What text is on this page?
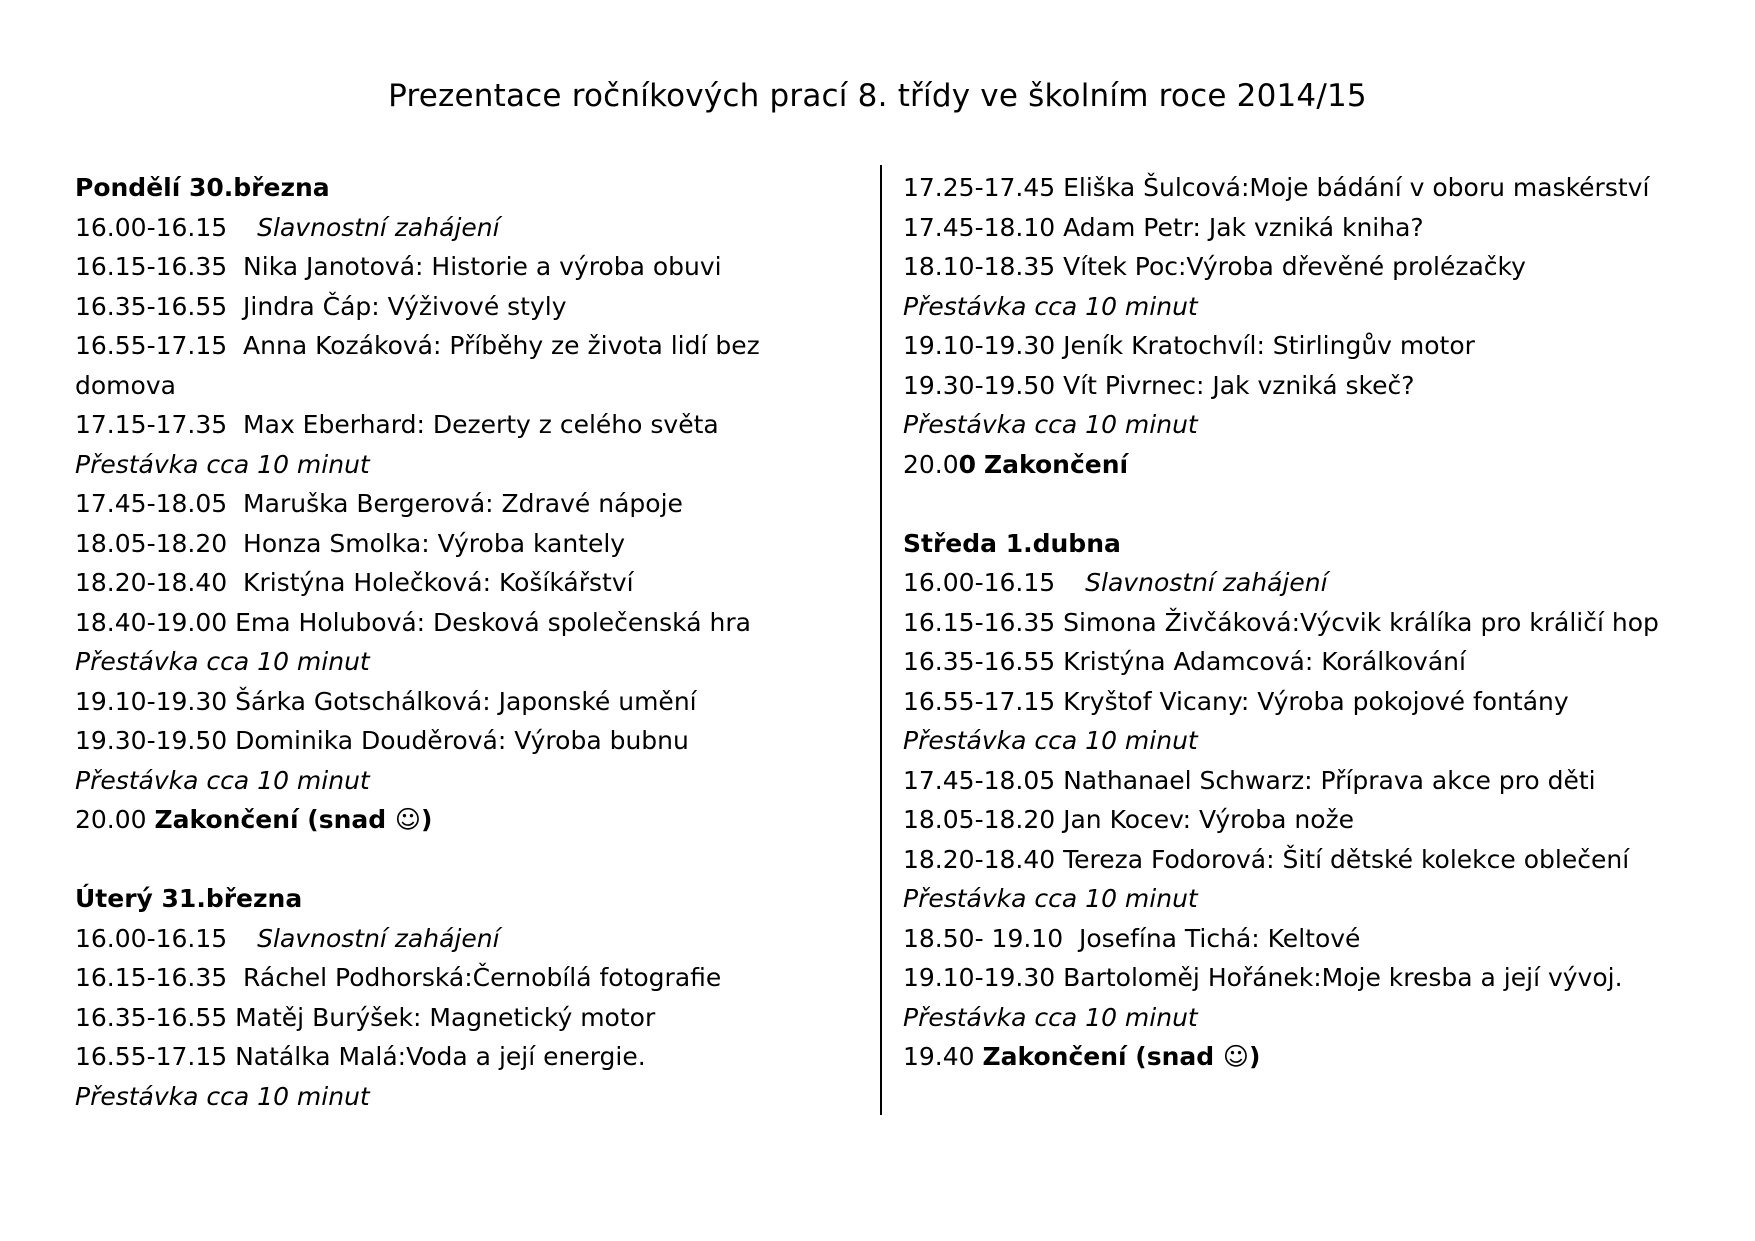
Prezentace ročníkových prací 8. třídy ve školním roce 2014/15
Pondělí 30.března
16.00-16.15 Slavnostní zahájení
16.15-16.35  Nika Janotová: Historie a výroba obuvi
16.35-16.55  Jindra Čáp: Výživové styly
16.55-17.15  Anna Kozáková: Příběhy ze života lidí bez
domova
17.15-17.35  Max Eberhard: Dezerty z celého světa
Přestávka cca 10 minut
17.45-18.05  Maruška Bergerová: Zdravé nápoje
18.05-18.20  Honza Smolka: Výroba kantely
18.20-18.40  Kristýna Holečková: Košíkářství
18.40-19.00 Ema Holubová: Desková společenská hra
Přestávka cca 10 minut
19.10-19.30 Šárka Gotschálková: Japonské umění
19.30-19.50 Dominika Douděrová: Výroba bubnu
Přestávka cca 10 minut
20.00 Zakončení (snad ☺)
Úterý 31.března
16.00-16.15 Slavnostní zahájení
16.15-16.35  Ráchel Podhorská:Černobílá fotografie
16.35-16.55 Matěj Burýšek: Magnetický motor
16.55-17.15 Natálka Malá:Voda a její energie.
Přestávka cca 10 minut
17.25-17.45 Eliška Šulcová:Moje bádání v oboru maskérství
17.45-18.10 Adam Petr: Jak vzniká kniha?
18.10-18.35 Vítek Poc:Výroba dřevěné prolézačky
Přestávka cca 10 minut
19.10-19.30 Jeník Kratochvíl: Stirlingův motor
19.30-19.50 Vít Pivrnec: Jak vzniká skeč?
Přestávka cca 10 minut
20.00 Zakončení
Středa 1.dubna
16.00-16.15 Slavnostní zahájení
16.15-16.35 Simona Živčáková:Výcvik králíka pro králičí hop
16.35-16.55 Kristýna Adamcová: Korálkování
16.55-17.15 Kryštof Vicany: Výroba pokojové fontány
Přestávka cca 10 minut
17.45-18.05 Nathanael Schwarz: Příprava akce pro děti
18.05-18.20 Jan Kocev: Výroba nože
18.20-18.40 Tereza Fodorová: Šití dětské kolekce oblečení
Přestávka cca 10 minut
18.50- 19.10  Josefína Tichá: Keltové
19.10-19.30 Bartoloměj Hořánek:Moje kresba a její vývoj.
Přestávka cca 10 minut
19.40 Zakončení (snad ☺)
